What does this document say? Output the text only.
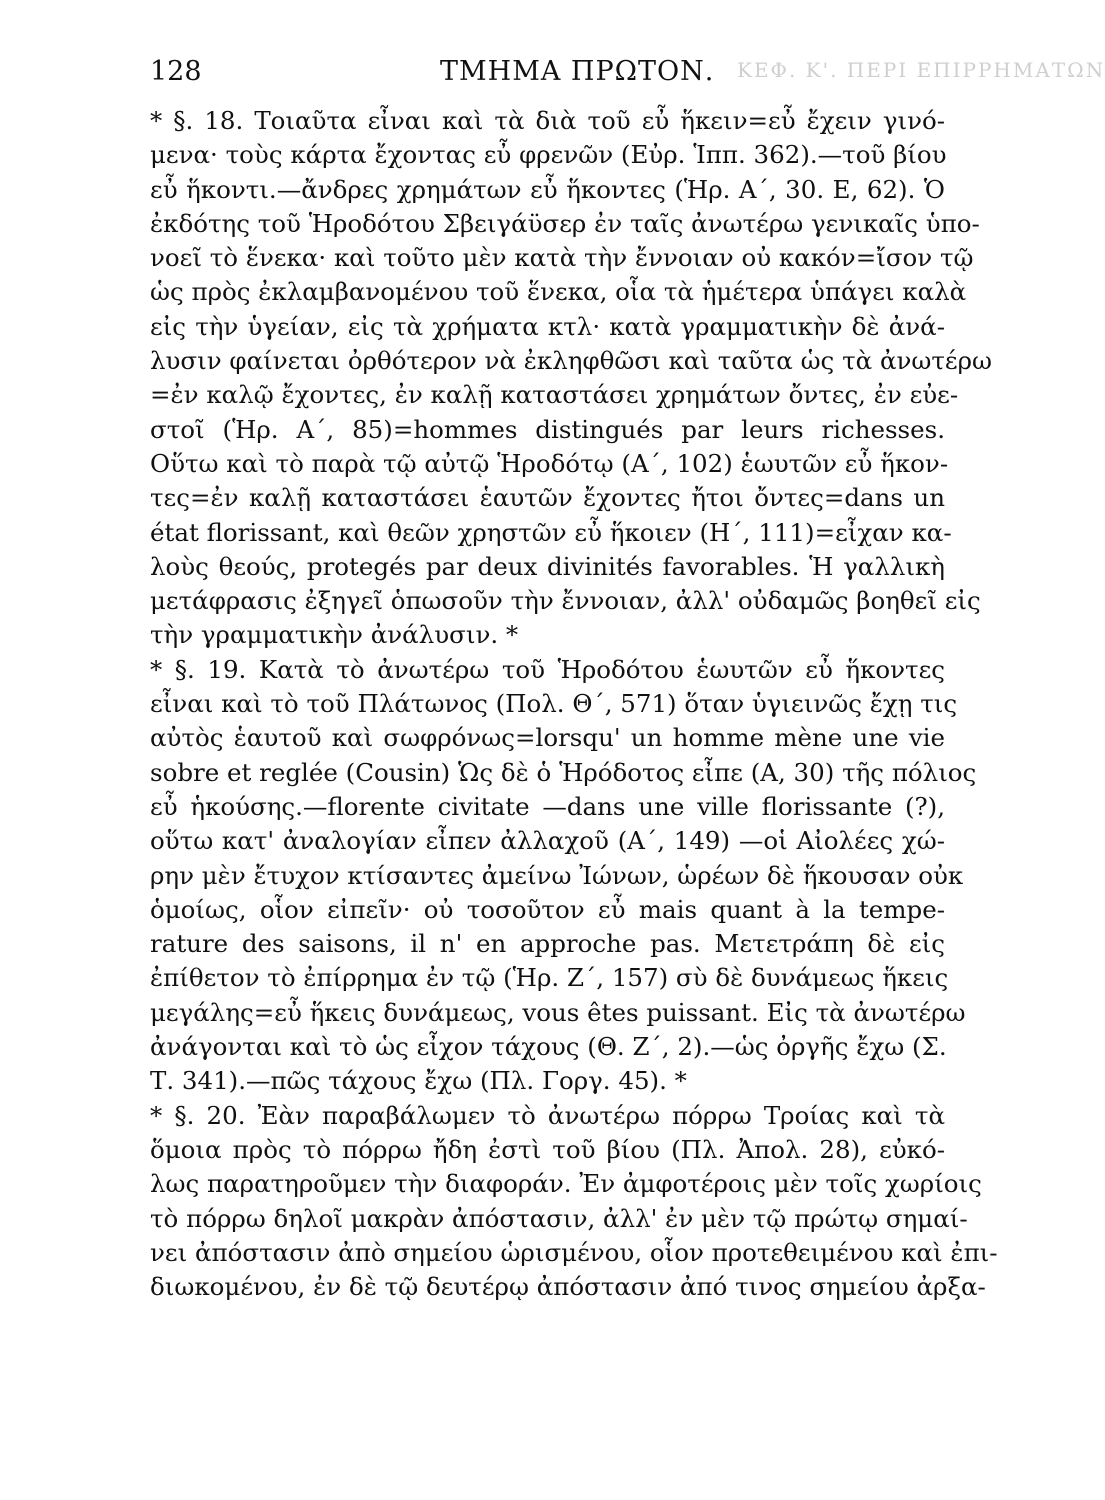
ΚΕΦ. Κ'. ΠΕΡΙ ΕΠΙΡΡΗΜΑΤΩΝ
128	ΤΜΗΜΑ ΠΡΩΤΟΝ.
* §. 18. Τοιαῦτα εἶναι καὶ τὰ διὰ τοῦ εὖ ἥκειν=εὖ ἔχειν γινό-
μενα· τοὺς κάρτα ἔχοντας εὖ φρενῶν (Εὐρ. Ἱππ. 362).—τοῦ βίου
εὖ ἥκοντι.—ἄνδρες χρημάτων εὖ ἥκοντες (Ἡρ. Α΄, 30. Ε, 62). Ὁ
ἐκδότης τοῦ Ἡροδότου Σβειγάϋσερ ἐν ταῖς ἀνωτέρω γενικαῖς ὑπο-
νοεῖ τὸ ἕνεκα· καὶ τοῦτο μὲν κατὰ τὴν ἔννοιαν οὐ κακόν=ἴσον τῷ
ὡς πρὸς ἐκλαμβανομένου τοῦ ἕνεκα, οἷα τὰ ἡμέτερα ὑπάγει καλὰ
εἰς τὴν ὑγείαν, εἰς τὰ χρήματα κτλ· κατὰ γραμματικὴν δὲ ἀνά-
λυσιν φαίνεται ὀρθότερον νὰ ἐκληφθῶσι καὶ ταῦτα ὡς τὰ ἀνωτέρω
=ἐν καλῷ ἔχοντες, ἐν καλῇ καταστάσει χρημάτων ὄντες, ἐν εὐε-
στοῖ (Ἡρ. Α΄, 85)=hommes distingués par leurs richesses.
Οὕτω καὶ τὸ παρὰ τῷ αὐτῷ Ἡροδότῳ (Α΄, 102) ἑωυτῶν εὖ ἥκον-
τες=ἐν καλῇ καταστάσει ἑαυτῶν ἔχοντες ἤτοι ὄντες=dans un
état florissant, καὶ θεῶν χρηστῶν εὖ ἥκοιεν (Η΄, 111)=εἶχαν κα-
λοὺς θεούς, protegés par deux divinités favorables. Ἡ γαλλικὴ
μετάφρασις ἐξηγεῖ ὁπωσοῦν τὴν ἔννοιαν, ἀλλ' οὐδαμῶς βοηθεῖ εἰς
τὴν γραμματικὴν ἀνάλυσιν. *
* §. 19. Κατὰ τὸ ἀνωτέρω τοῦ Ἡροδότου ἑωυτῶν εὖ ἥκοντες
εἶναι καὶ τὸ τοῦ Πλάτωνος (Πολ. Θ΄, 571) ὅταν ὑγιεινῶς ἔχῃ τις
αὐτὸς ἑαυτοῦ καὶ σωφρόνως=lorsqu' un homme mène une vie
sobre et reglée (Cousin) Ὡς δὲ ὁ Ἡρόδοτος εἶπε (Α, 30) τῆς πόλιος
εὖ ἡκούσης.—florente civitate —dans une ville florissante (?),
οὕτω κατ' ἀναλογίαν εἶπεν ἀλλαχοῦ (Α΄, 149) —οἱ Αἰολέες χώ-
ρην μὲν ἔτυχον κτίσαντες ἀμείνω Ἰώνων, ὡρέων δὲ ἥκουσαν οὐκ
ὁμοίως, οἷον εἰπεῖν· οὐ τοσοῦτον εὖ mais quant à la tempe-
rature des saisons, il n' en approche pas. Μετετράπη δὲ εἰς
ἐπίθετον τὸ ἐπίρρημα ἐν τῷ (Ἡρ. Ζ΄, 157) σὺ δὲ δυνάμεως ἥκεις
μεγάλης=εὖ ἥκεις δυνάμεως, vous êtes puissant. Εἰς τὰ ἀνωτέρω
ἀνάγονται καὶ τὸ ὡς εἶχον τάχους (Θ. Ζ΄, 2).—ὡς ὀργῆς ἔχω (Σ.
Τ. 341).—πῶς τάχους ἔχω (Πλ. Γοργ. 45). *
* §. 20. Ἐὰν παραβάλωμεν τὸ ἀνωτέρω πόρρω Τροίας καὶ τὰ
ὅμοια πρὸς τὸ πόρρω ἤδη ἐστὶ τοῦ βίου (Πλ. Ἀπολ. 28), εὐκό-
λως παρατηροῦμεν τὴν διαφοράν. Ἐν ἀμφοτέροις μὲν τοῖς χωρίοις
τὸ πόρρω δηλοῖ μακρὰν ἀπόστασιν, ἀλλ' ἐν μὲν τῷ πρώτῳ σημαί-
νει ἀπόστασιν ἀπὸ σημείου ὡρισμένου, οἷον προτεθειμένου καὶ ἐπι-
διωκομένου, ἐν δὲ τῷ δευτέρῳ ἀπόστασιν ἀπό τινος σημείου ἀρξα-
